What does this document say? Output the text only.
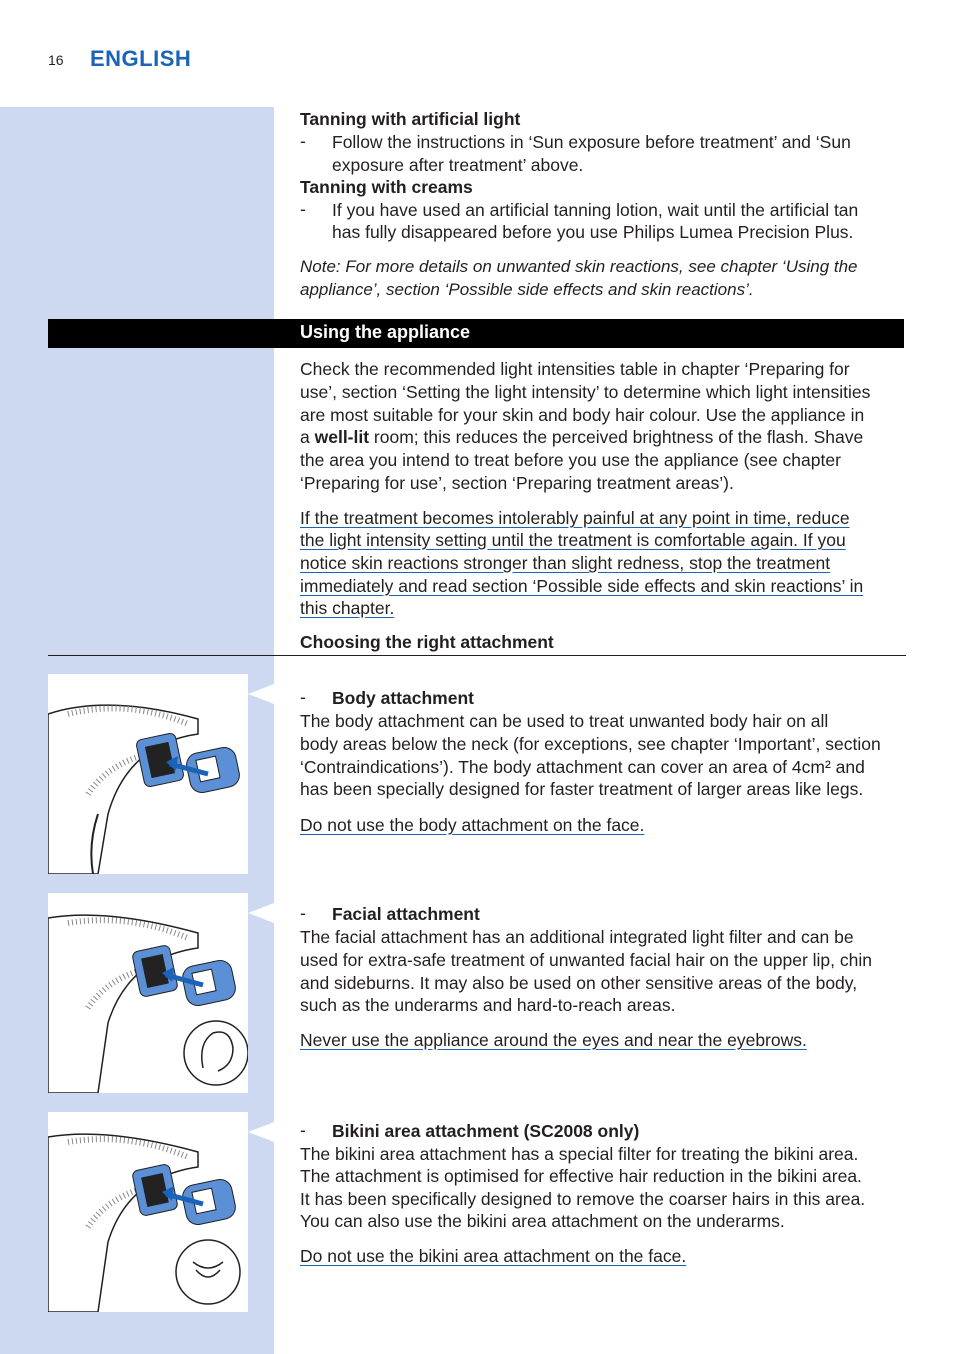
16 ENGLISH
Tanning with artificial light
- Follow the instructions in ‘Sun exposure before treatment’ and ‘Sun
exposure after treatment’ above.
Tanning with creams
- If you have used an artificial tanning lotion, wait until the artificial tan
has fully disappeared before you use Philips Lumea Precision Plus.
Note: For more details on unwanted skin reactions, see chapter ‘Using the
appliance’, section ‘Possible side effects and skin reactions’.
Using the appliance
Check the recommended light intensities table in chapter ‘Preparing for
use’, section ‘Setting the light intensity’ to determine which light intensities
are most suitable for your skin and body hair colour. Use the appliance in
a well-lit room; this reduces the perceived brightness of the flash. Shave
the area you intend to treat before you use the appliance (see chapter
‘Preparing for use’, section ‘Preparing treatment areas’).
If the treatment becomes intolerably painful at any point in time, reduce
the light intensity setting until the treatment is comfortable again. If you
notice skin reactions stronger than slight redness, stop the treatment
immediately and read section ‘Possible side effects and skin reactions’ in
this chapter.
Choosing the right attachment
- Body attachment
The body attachment can be used to treat unwanted body hair on all
body areas below the neck (for exceptions, see chapter ‘Important’, section
‘Contraindications’). The body attachment can cover an area of 4cm² and
has been specially designed for faster treatment of larger areas like legs.
Do not use the body attachment on the face.
- Facial attachment
The facial attachment has an additional integrated light filter and can be
used for extra-safe treatment of unwanted facial hair on the upper lip, chin
and sideburns. It may also be used on other sensitive areas of the body,
such as the underarms and hard-to-reach areas.
Never use the appliance around the eyes and near the eyebrows.
- Bikini area attachment (SC2008 only)
The bikini area attachment has a special filter for treating the bikini area.
The attachment is optimised for effective hair reduction in the bikini area.
It has been specifically designed to remove the coarser hairs in this area.
You can also use the bikini area attachment on the underarms.
Do not use the bikini area attachment on the face.
